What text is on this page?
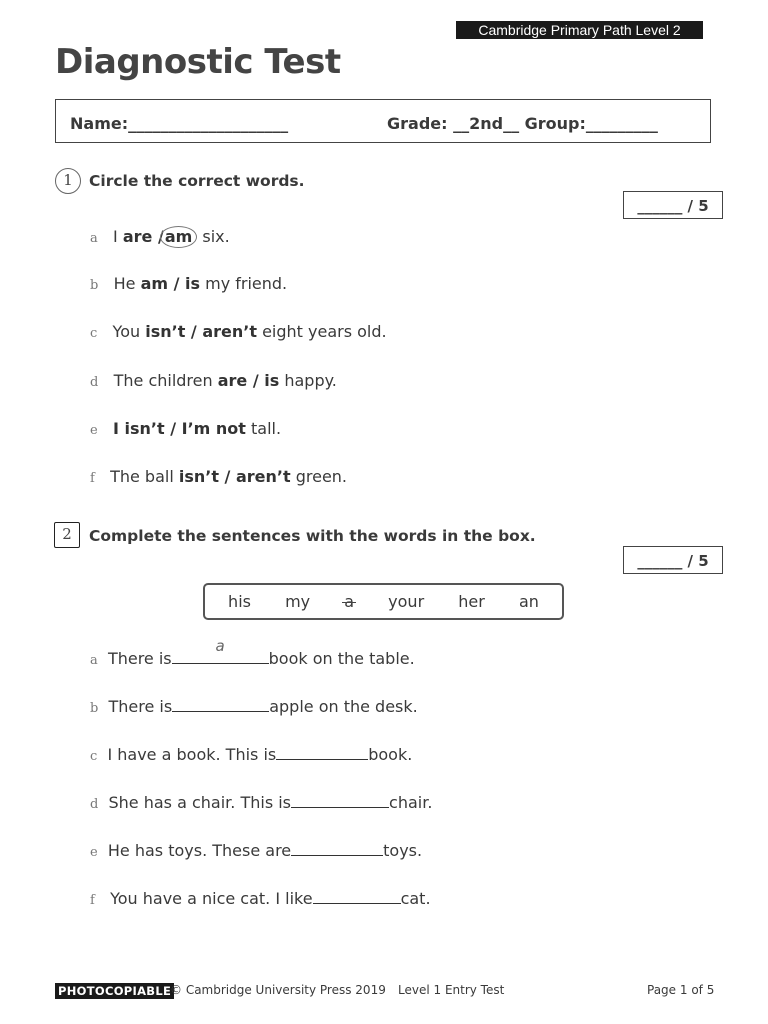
Cambridge Primary Path Level 2
Diagnostic Test
Name:____________________	Grade: __2nd__ Group:_________
1	Circle the correct words.
______ / 5
a I are /am six.
b He am / is my friend.
c You isn’t / aren’t eight years old.
d The children are / is happy.
e I isn’t / I’m not tall.
f The ball isn’t / aren’t green.
2	Complete the sentences with the words in the box.
______ / 5
his my a your her an
a There is
a
book on the table.
b There is	apple on the desk.
c I have a book. This is	book.
d She has a chair. This is	chair.
e He has toys. These are	toys.
f You have a nice cat. I like	cat.
PHOTOCOPIABLE
© Cambridge University Press 2019 Level 1 Entry Test	Page 1 of 5
